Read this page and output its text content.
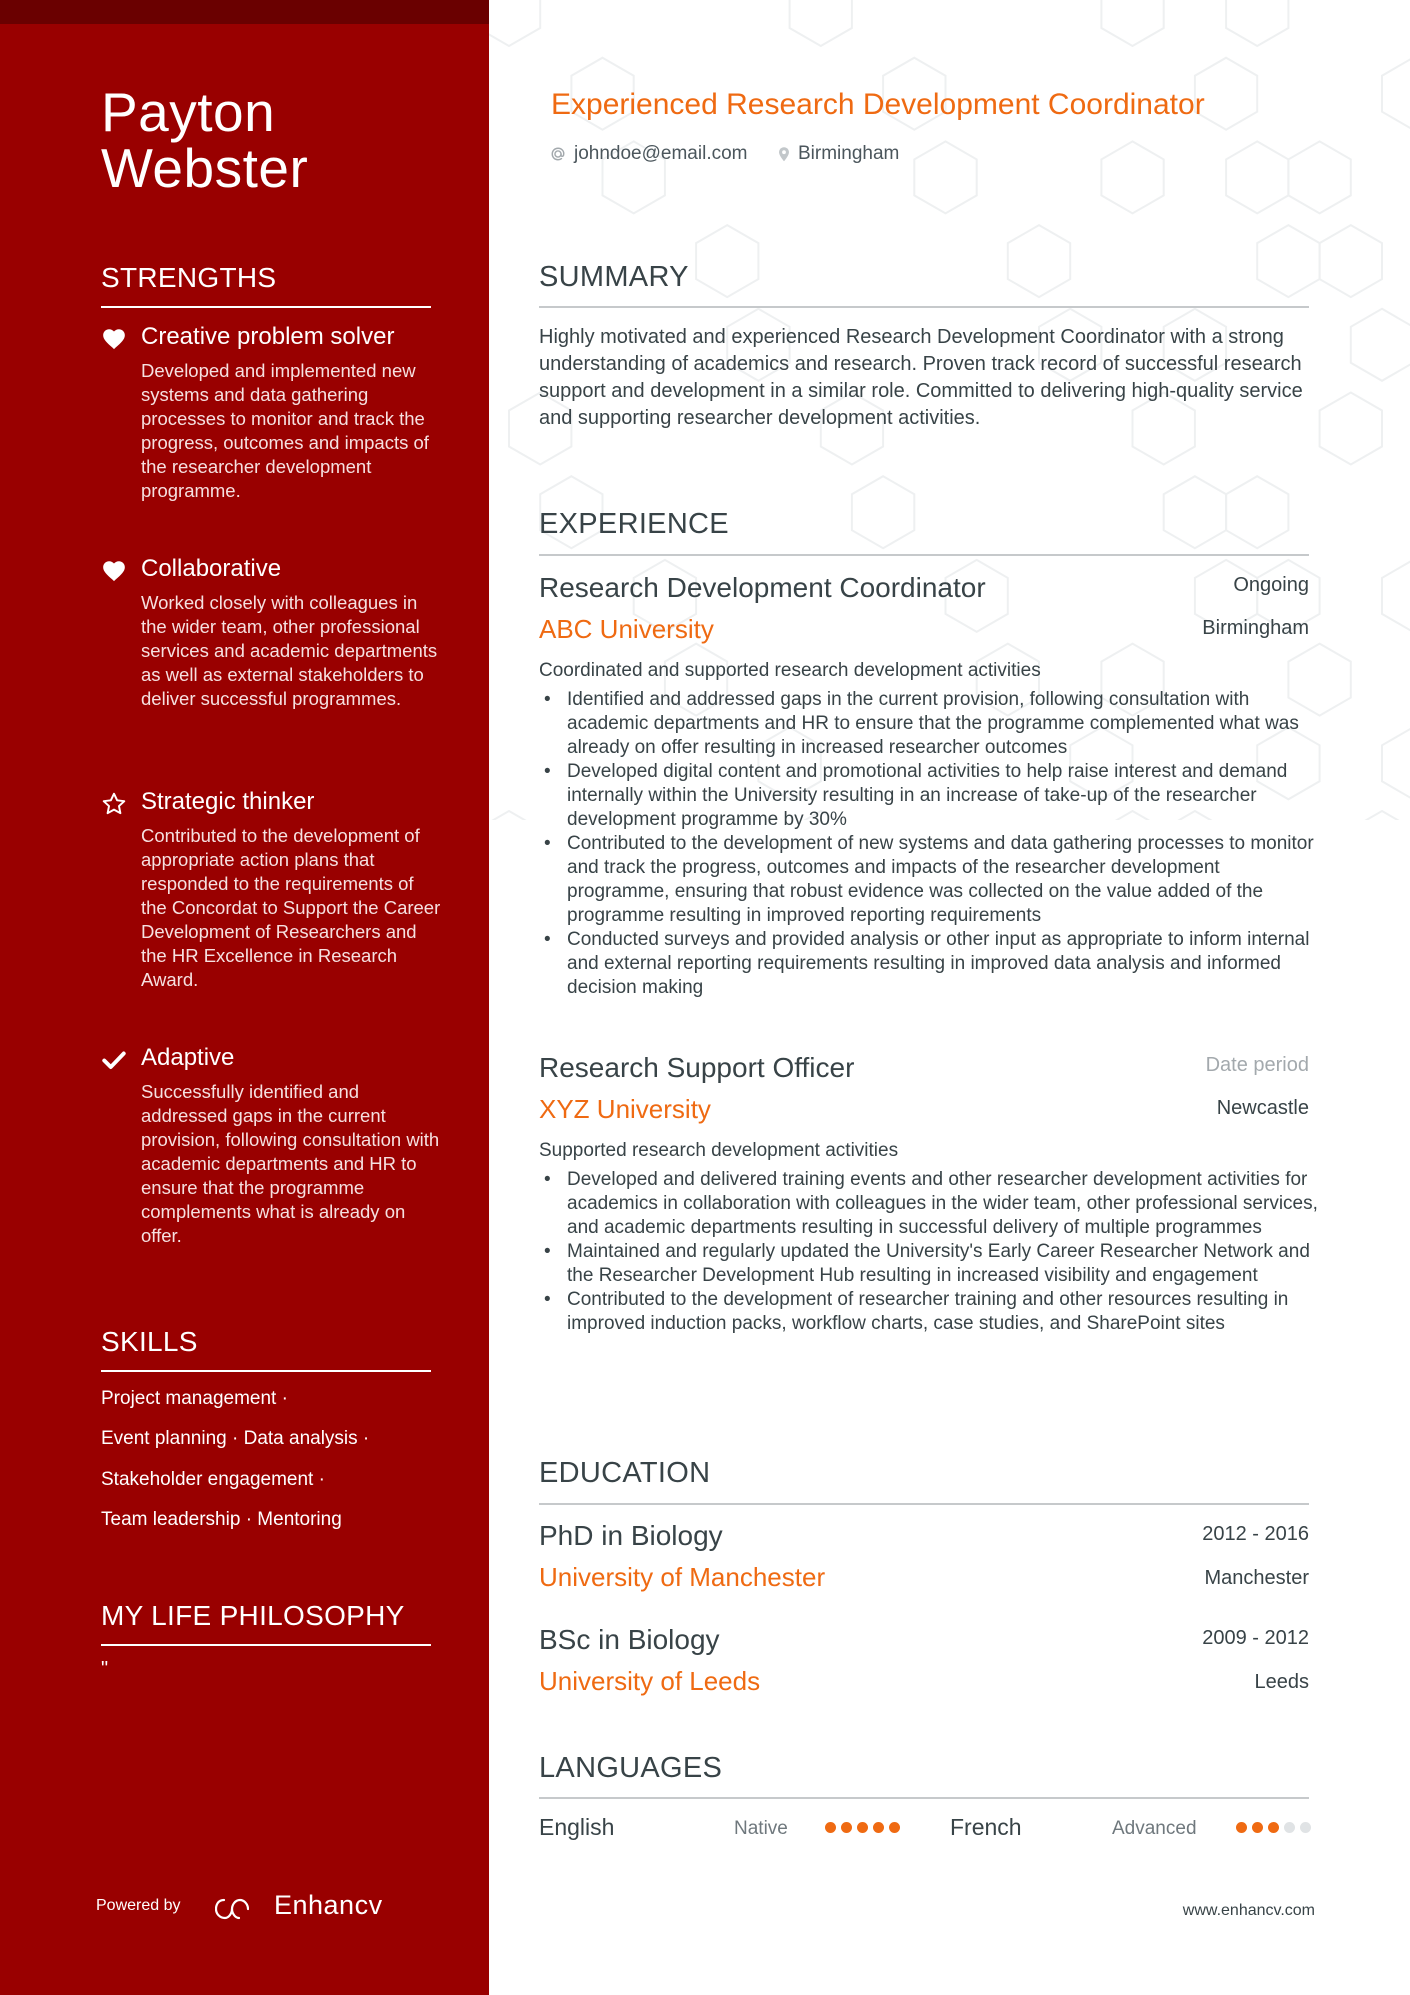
Payton
Webster
STRENGTHS
Creative problem solver
Developed and implemented new systems and data gathering processes to monitor and track the progress, outcomes and impacts of the researcher development programme.
Collaborative
Worked closely with colleagues in the wider team, other professional services and academic departments as well as external stakeholders to deliver successful programmes.
Strategic thinker
Contributed to the development of appropriate action plans that responded to the requirements of the Concordat to Support the Career Development of Researchers and the HR Excellence in Research Award.
Adaptive
Successfully identified and addressed gaps in the current provision, following consultation with academic departments and HR to ensure that the programme complements what is already on offer.
SKILLS
Project management ·
Event planning · Data analysis ·
Stakeholder engagement ·
Team leadership · Mentoring
MY LIFE PHILOSOPHY
"
Powered by	Enhancv
Experienced Research Development Coordinator
johndoe@email.com	Birmingham
SUMMARY
Highly motivated and experienced Research Development Coordinator with a strong understanding of academics and research. Proven track record of successful research support and development in a similar role. Committed to delivering high-quality service and supporting researcher development activities.
EXPERIENCE
Research Development Coordinator	Ongoing
ABC University	Birmingham
Coordinated and supported research development activities
• Identified and addressed gaps in the current provision, following consultation with academic departments and HR to ensure that the programme complemented what was already on offer resulting in increased researcher outcomes
• Developed digital content and promotional activities to help raise interest and demand internally within the University resulting in an increase of take-up of the researcher development programme by 30%
• Contributed to the development of new systems and data gathering processes to monitor and track the progress, outcomes and impacts of the researcher development programme, ensuring that robust evidence was collected on the value added of the programme resulting in improved reporting requirements
• Conducted surveys and provided analysis or other input as appropriate to inform internal and external reporting requirements resulting in improved data analysis and informed decision making
Research Support Officer	Date period
XYZ University	Newcastle
Supported research development activities
• Developed and delivered training events and other researcher development activities for academics in collaboration with colleagues in the wider team, other professional services, and academic departments resulting in successful delivery of multiple programmes
• Maintained and regularly updated the University's Early Career Researcher Network and the Researcher Development Hub resulting in increased visibility and engagement
• Contributed to the development of researcher training and other resources resulting in improved induction packs, workflow charts, case studies, and SharePoint sites
EDUCATION
PhD in Biology	2012 - 2016
University of Manchester	Manchester
BSc in Biology	2009 - 2012
University of Leeds	Leeds
LANGUAGES
English	Native	French	Advanced
www.enhancv.com
